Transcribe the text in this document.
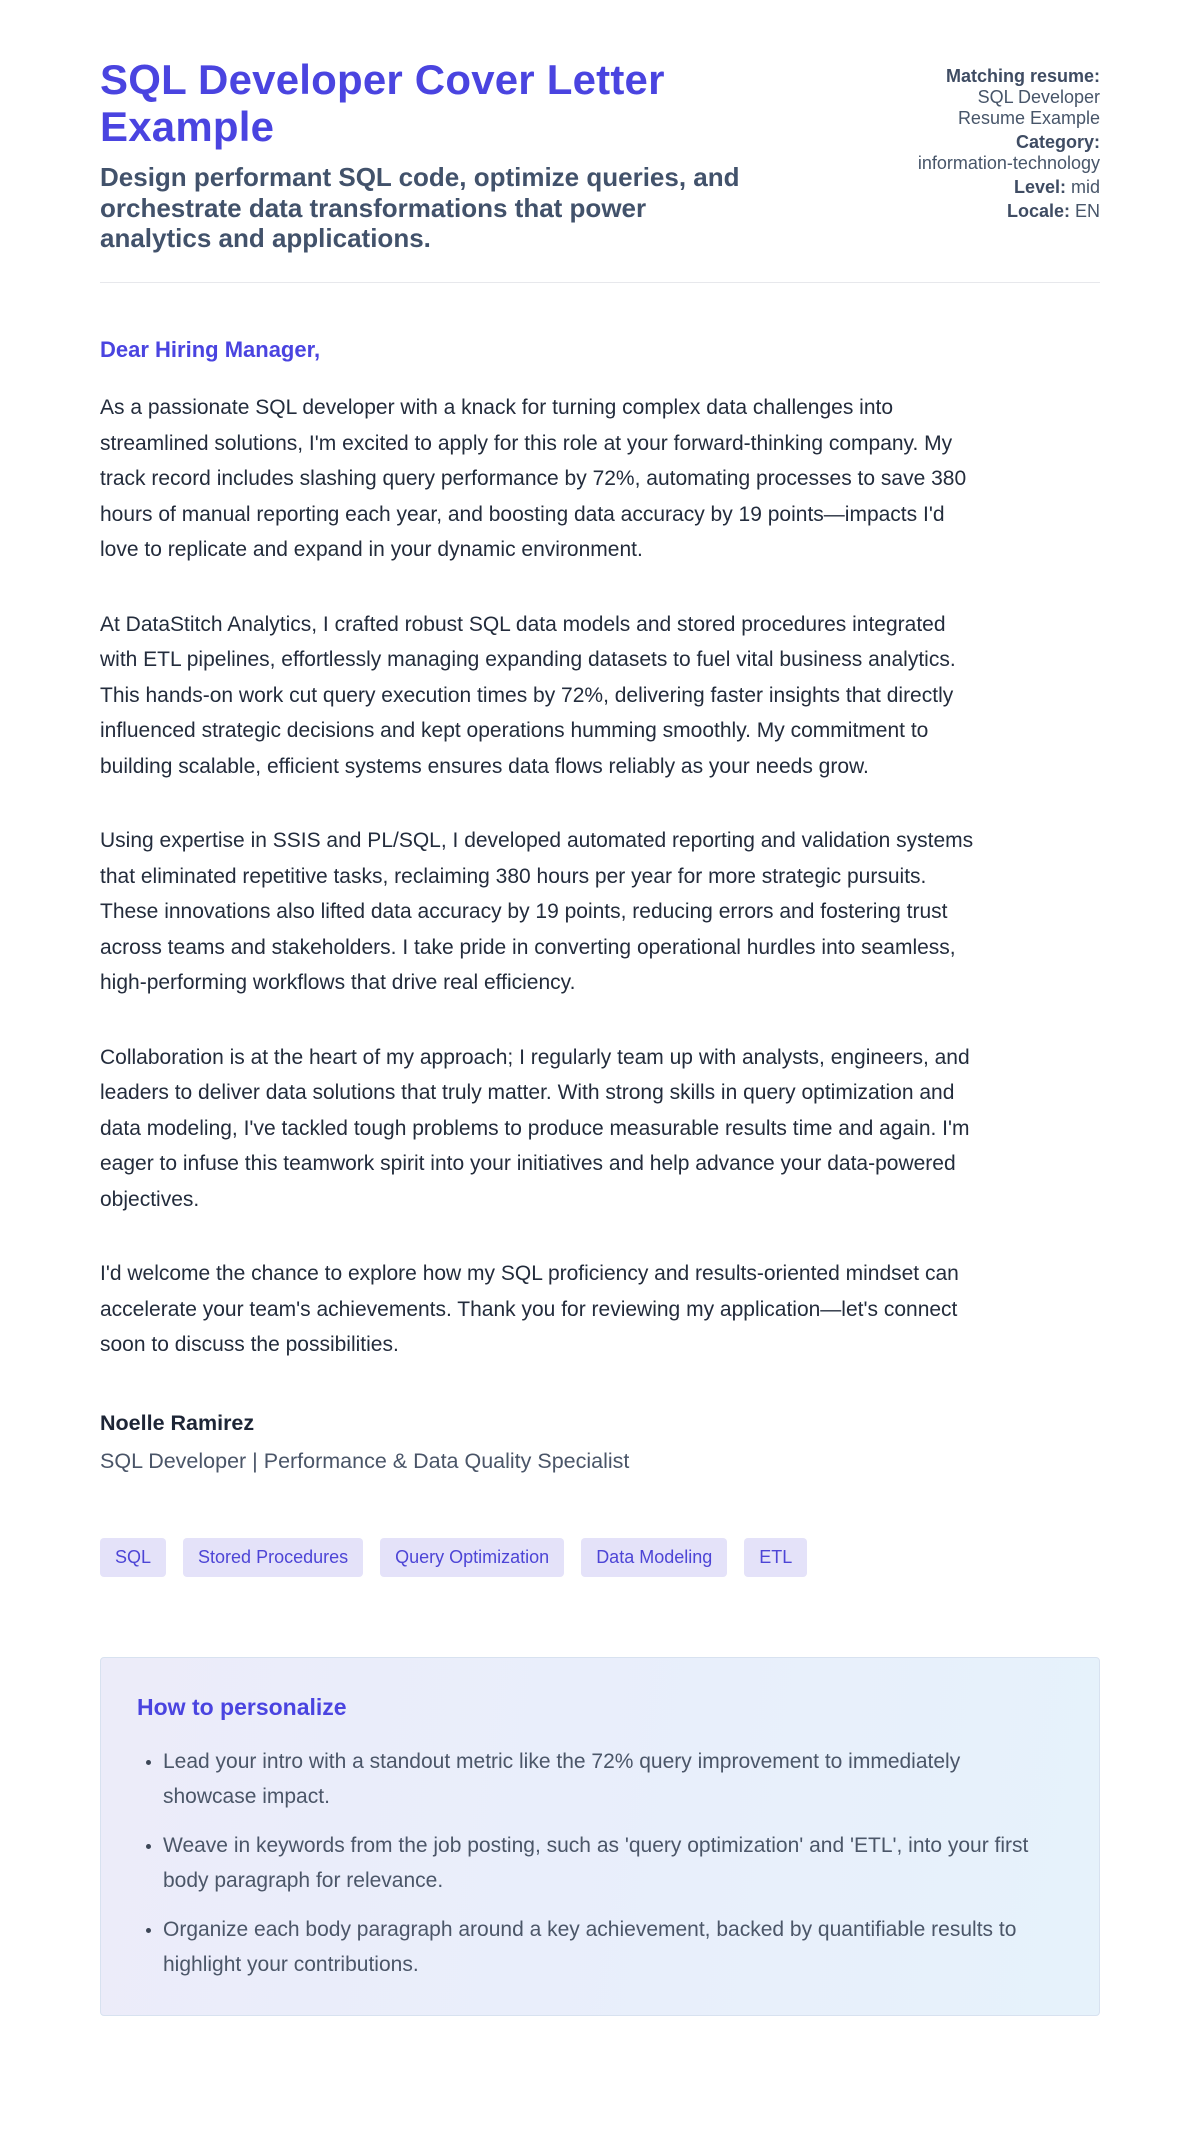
SQL Developer Cover Letter Example
Design performant SQL code, optimize queries, and orchestrate data transformations that power analytics and applications.
Matching resume:
SQL Developer Resume Example
Category:
information-technology
Level: mid
Locale: EN
Dear Hiring Manager,

As a passionate SQL developer with a knack for turning complex data challenges into streamlined solutions, I'm excited to apply for this role at your forward-thinking company. My track record includes slashing query performance by 72%, automating processes to save 380 hours of manual reporting each year, and boosting data accuracy by 19 points—impacts I'd love to replicate and expand in your dynamic environment.

At DataStitch Analytics, I crafted robust SQL data models and stored procedures integrated with ETL pipelines, effortlessly managing expanding datasets to fuel vital business analytics. This hands-on work cut query execution times by 72%, delivering faster insights that directly influenced strategic decisions and kept operations humming smoothly. My commitment to building scalable, efficient systems ensures data flows reliably as your needs grow.

Using expertise in SSIS and PL/SQL, I developed automated reporting and validation systems that eliminated repetitive tasks, reclaiming 380 hours per year for more strategic pursuits. These innovations also lifted data accuracy by 19 points, reducing errors and fostering trust across teams and stakeholders. I take pride in converting operational hurdles into seamless, high-performing workflows that drive real efficiency.

Collaboration is at the heart of my approach; I regularly team up with analysts, engineers, and leaders to deliver data solutions that truly matter. With strong skills in query optimization and data modeling, I've tackled tough problems to produce measurable results time and again. I'm eager to infuse this teamwork spirit into your initiatives and help advance your data-powered objectives.

I'd welcome the chance to explore how my SQL proficiency and results-oriented mindset can accelerate your team's achievements. Thank you for reviewing my application—let's connect soon to discuss the possibilities.

Noelle Ramirez
SQL Developer | Performance & Data Quality Specialist
SQL	Stored Procedures	Query Optimization	Data Modeling	ETL
How to personalize
• Lead your intro with a standout metric like the 72% query improvement to immediately showcase impact.
• Weave in keywords from the job posting, such as 'query optimization' and 'ETL', into your first body paragraph for relevance.
• Organize each body paragraph around a key achievement, backed by quantifiable results to highlight your contributions.
